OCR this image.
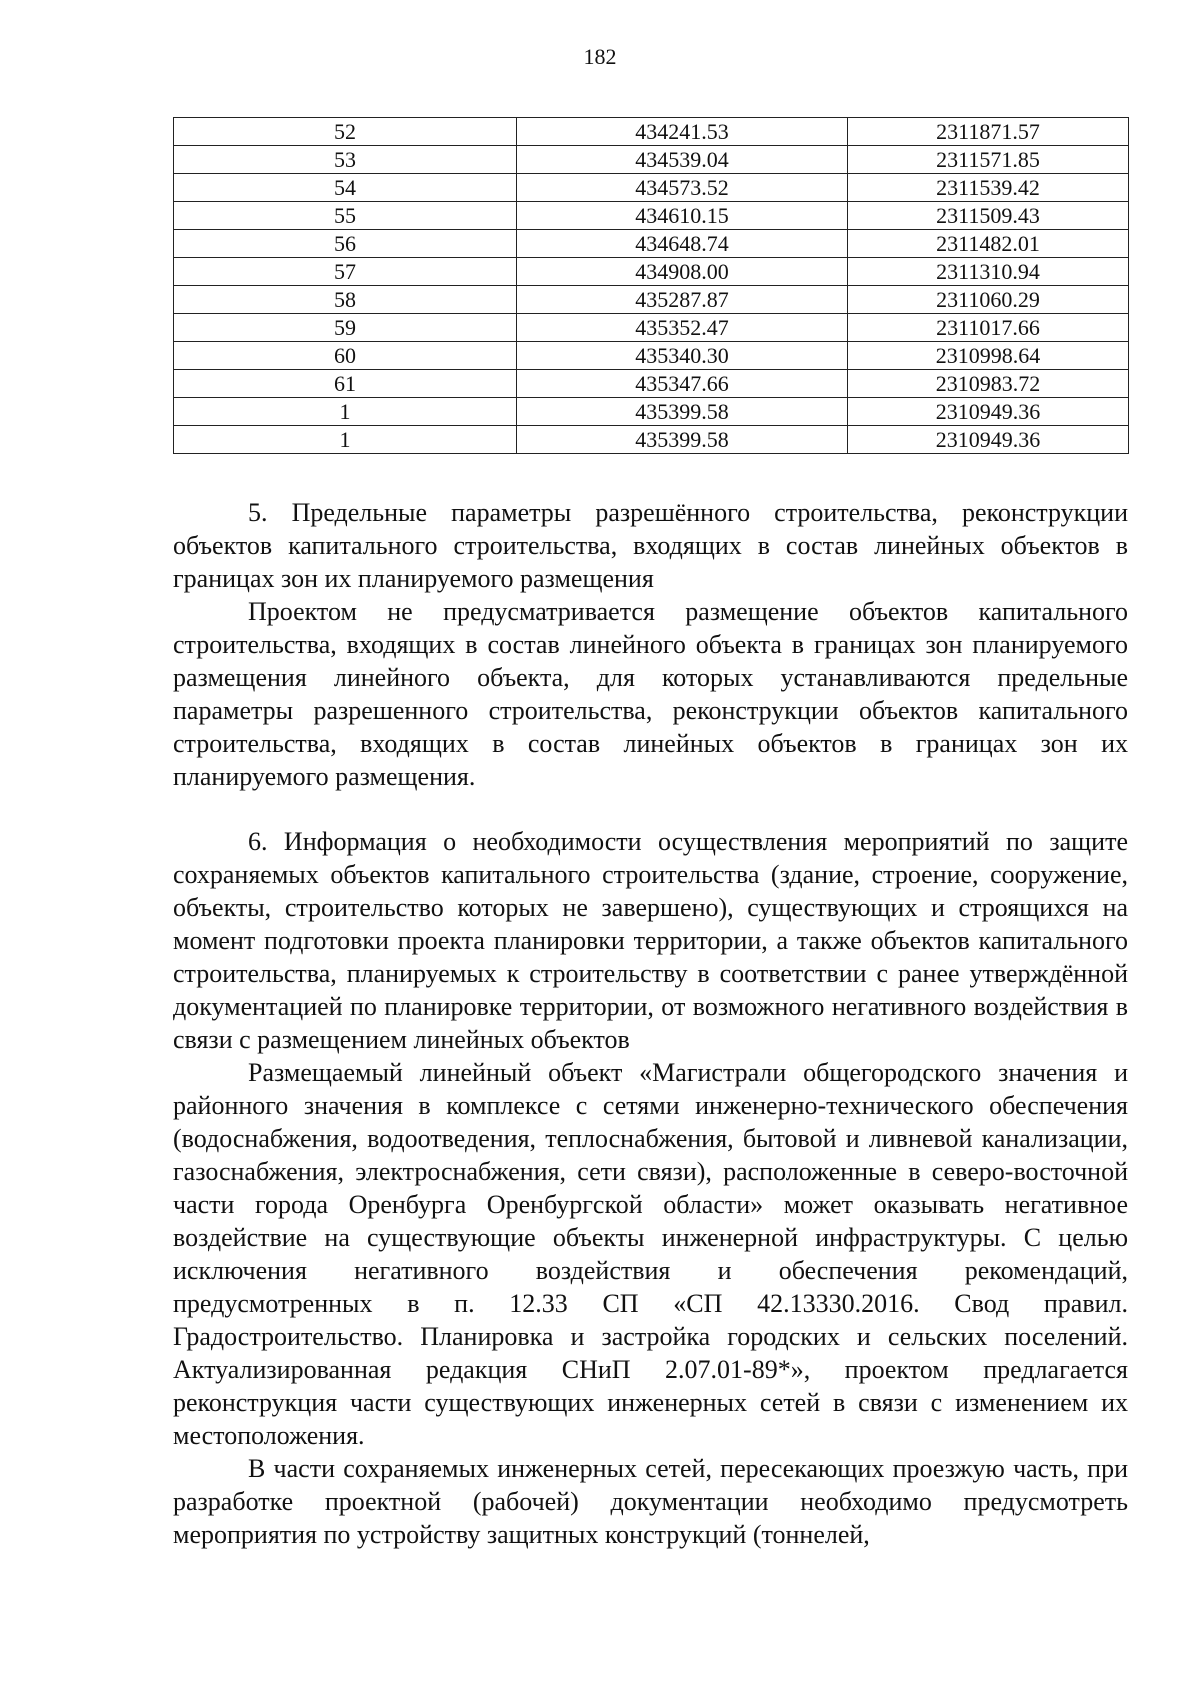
182
52	434241.53	2311871.57
53	434539.04	2311571.85
54	434573.52	2311539.42
55	434610.15	2311509.43
56	434648.74	2311482.01
57	434908.00	2311310.94
58	435287.87	2311060.29
59	435352.47	2311017.66
60	435340.30	2310998.64
61	435347.66	2310983.72
1	435399.58	2310949.36
1	435399.58	2310949.36

5. Предельные параметры разрешённого строительства, реконструкции объектов капитального строительства, входящих в состав линейных объектов в границах зон их планируемого размещения

Проектом не предусматривается размещение объектов капитального строительства, входящих в состав линейного объекта в границах зон планируемого размещения линейного объекта, для которых устанавливаются предельные параметры разрешенного строительства, реконструкции объектов капитального строительства, входящих в состав линейных объектов в границах зон их планируемого размещения.

6. Информация о необходимости осуществления мероприятий по защите сохраняемых объектов капитального строительства (здание, строение, сооружение, объекты, строительство которых не завершено), существующих и строящихся на момент подготовки проекта планировки территории, а также объектов капитального строительства, планируемых к строительству в соответствии с ранее утверждённой документацией по планировке территории, от возможного негативного воздействия в связи с размещением линейных объектов

Размещаемый линейный объект «Магистрали общегородского значения и районного значения в комплексе с сетями инженерно-технического обеспечения (водоснабжения, водоотведения, теплоснабжения, бытовой и ливневой канализации, газоснабжения, электроснабжения, сети связи), расположенные в северо-восточной части города Оренбурга Оренбургской области» может оказывать негативное воздействие на существующие объекты инженерной инфраструктуры. С целью исключения негативного воздействия и обеспечения рекомендаций, предусмотренных в п. 12.33 СП «СП 42.13330.2016. Свод правил. Градостроительство. Планировка и застройка городских и сельских поселений. Актуализированная редакция СНиП 2.07.01-89*», проектом предлагается реконструкция части существующих инженерных сетей в связи с изменением их местоположения.

В части сохраняемых инженерных сетей, пересекающих проезжую часть, при разработке проектной (рабочей) документации необходимо предусмотреть мероприятия по устройству защитных конструкций (тоннелей,
